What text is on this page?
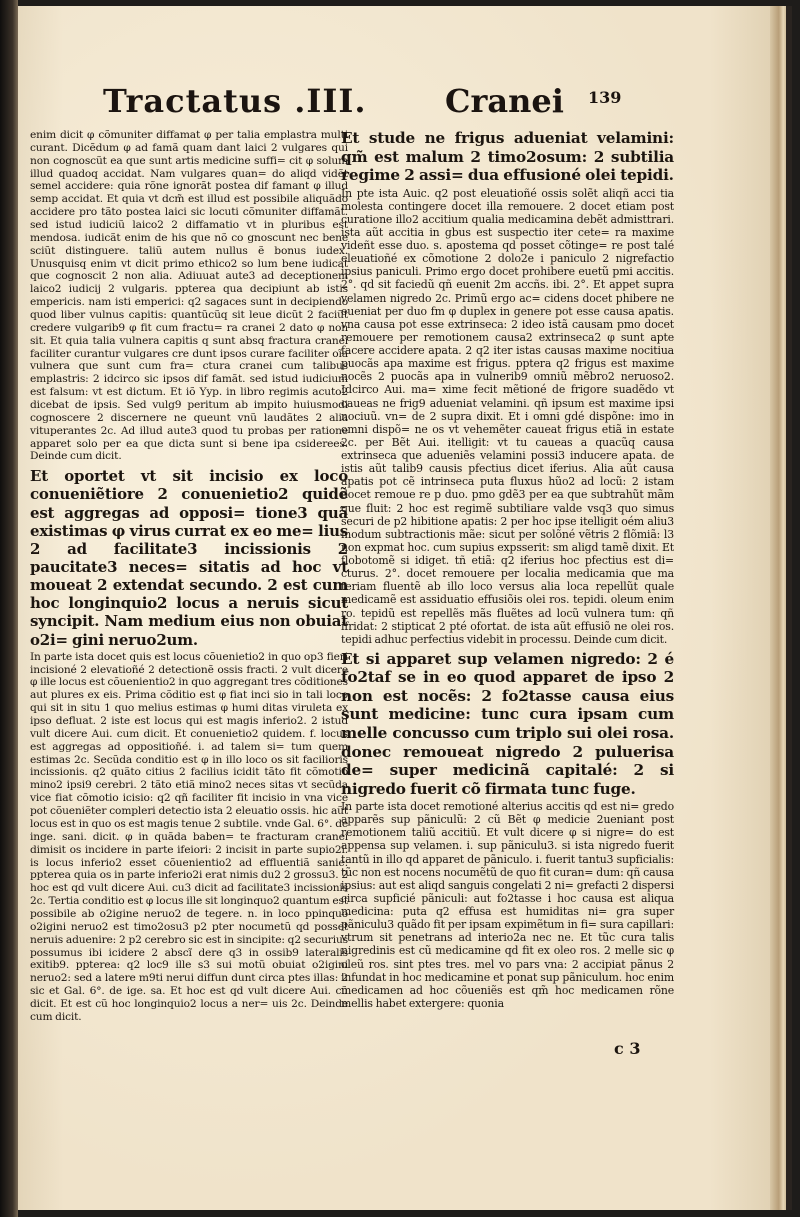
Tractatus .III. Cranei 139

enim dicit φ cõmuniter diffamat φ per talia emplastra multi curant. Dicẽdum φ ad famã quam dant laici 2 vulgares qui non cognoscũt ea que sunt artis medicine suffi= cit φ solum illud quadoq accidat. Nam vulgares quan= do aliqd vidẽt semel accidere: quia rõne ignorãt postea dif famant φ illud semp accidat. Et quia vt dcm̃ est illud est possibile aliquãdo accidere pro tãto postea laici sic locuti cõmuniter diffamãt. sed istud iudiciũ laico2 2 diffamatio vt in pluribus est mendosa. iudicãt enim de his que nõ co gnoscunt nec bene sciũt distinguere. taliũ autem nullus ẽ bonus iudex. Unusquisq enim vt dicit primo ethico2 so lum bene iudicat que cognoscit 2 non alia. Adiuuat aute3 ad deceptionem laico2 iudicij 2 vulgaris. ppterea qua decipiunt ab istis empericis. nam isti emperici: q2 sagaces sunt in decipiendo quod liber vulnus capitis: quantũcũq sit leue dicũt 2 faciũt credere vulgarib9 φ fit cum fractu= ra cranei 2 dato φ non sit. Et quia talia vulnera capitis q sunt absq fractura cranei faciliter curantur vulgares cre dunt ipsos curare faciliter oĩa vulnera que sunt cum fra= ctura cranei cum talibus emplastris: 2 idcirco sic ipsos dif famãt. sed istud iudicium est falsum: vt est dictum. Et iõ Yyp. in libro regimis acuto2 dicebat de ipsis. Sed vulg9 peritum ab impito huiusmodi cognoscere 2 discernere ne queunt vnũ laudãtes 2 alia vituperantes 2c. Ad illud aute3 quod tu probas per ratione apparet solo per ea que dicta sunt si bene ipa csiderees. Deinde cum dicit.

Et oportet vt sit incisio ex loco conueniẽtiore 2 conuenietio2 quidẽ est aggregas ad opposi= tione3 quã existimas φ virus currat ex eo me= lius 2 ad facilitate3 incissionis 2 paucitate3 neces= sitatis ad hoc vt moueat 2 extendat secundo. 2 est cum hoc longinquio2 locus a neruis sicut syncipit. Nam medium eius non obuiat o2i= gini neruo2um.

In parte ista docet quis est locus cõuenietio2 in quo op3 fieri incisioné 2 elevatioñé 2 detectionẽ ossis fracti. 2 vult dicere φ ille locus est cõuenientio2 in quo aggregant tres cõditiones aut plures ex eis. Prima cõditio est φ fiat inci sio in tali loco qui sit in situ 1 quo melius estimas φ humi ditas viruleta ex ipso defluat. 2 iste est locus qui est magis inferio2. 2 istud vult dicere Aui. cum dicit. Et conuenietio2 quidem. f. locus est aggregas ad oppositioñé. i. ad talem si= tum quem estimas 2c. Secũda conditio est φ in illo loco os sit facilioris incissionis. q2 quãto citius 2 facilius icidit tãto fit cõmotio mino2 ipsi9 cerebri. 2 tãto etiã mino2 neces sitas vt secũda vice fiat cõmotio icisio: q2 qñ faciliter fit incisio in vna vice pot cõueniẽter compleri detectio ista 2 eleuatio ossis. hic aũt locus est in quo os est magis tenue 2 subtile. vnde Gal. 6°. de inge. sani. dicit. φ in quãda baben= te fracturam cranei dimisit os incidere in parte ifeiori: 2 incisit in parte supio2i. is locus inferio2 esset cõuenientio2 ad effluentiã sanie: ppterea quia os in parte inferio2i erat nimis du2 2 grossu3. 2 hoc est qd vult dicere Aui. cu3 dicit ad facilitate3 incissionis 2c. Tertia conditio est φ locus ille sit longinquo2 quantum est possibile ab o2igine neruo2 de tegere. n. in loco ppinquo o2igini neruo2 est timo2osu3 p2 pter nocumetũ qd posset neruis aduenire: 2 p2 cerebro sic est in sincipite: q2 securius possumus ibi icidere 2 abscĩ dere q3 in ossib9 lateralis exitib9. ppterea: q2 loc9 ille s3 sui motũ obuiat o2igini neruo2: sed a latere m9ti nerui diffun dunt circa ptes illas: 2 sic et Gal. 6°. de ige. sa. Et hoc est qd vult dicere Aui. cũ dicit. Et est cũ hoc longinquio2 locus a ner= uis 2c. Deinde cum dicit.

Et stude ne frigus adueniat velamini: qm̃ est malum 2 timo2osum: 2 subtilia regime 2 assi= dua effusioné olei tepidi.

In pte ista Auic. q2 post eleuatioñé ossis solẽt aliqñ acci tia molesta contingere docet illa remouere. 2 docet etiam post curatione illo2 accitium qualia medicamina debẽt admisttrari. ista aũt accitia in gbus est suspectio iter cete= ra maxime videñt esse duo. s. apostema qd posset cõtinge= re post talé eleuatioñé ex cõmotione 2 dolo2e i paniculo 2 nigrefactio ipsius paniculi. Primo ergo docet prohibere euetũ pmi accitis. 2°. qd sit faciedũ qñ euenit 2m accñs. ibi. 2°. Et appet supra velamen nigredo 2c. Primũ ergo ac= cidens docet phibere ne eueniat per duo fm φ duplex in genere pot esse causa apatis. vna causa pot esse extrinseca: 2 ideo istã causam pmo docet remouere per remotionem causa2 extrinseca2 φ sunt apte facere accidere apata. 2 q2 iter istas causas maxime nocitiua puocãs apa maxime est frigus. pptera q2 frigus est maxime nocẽs 2 puocãs apa in vulnerib9 omniũ mẽbro2 neruoso2. Idcirco Aui. ma= xime fecit mẽtioné de frigore suadẽdo vt caueas ne frig9 adueniat velamini. qñ ipsum est maxime ipsi nociuũ. vn= de 2 supra dixit. Et i omni gdé dispõne: imo in omni dispõ= ne os vt vehemẽter caueat frigus etiã in estate 2c. per Bẽt Aui. itelligit: vt tu caueas a quacũq causa extrinseca que adueniẽs velamini possi3 inducere apata. de istis aũt talib9 causis pfectius dicet iferius. Alia aũt causa apatis pot cẽ intrinseca puta fluxus hũo2 ad locũ: 2 istam docet remoue re p duo. pmo gdẽ3 per ea que subtrahũt mãm que fluit: 2 hoc est regimẽ subtiliare valde vsq3 quo simus securi de p2 hibitione apatis: 2 per hoc ipse itelligit oém aliu3 modum subtractionis mãe: sicut per solõné vẽtris 2 flõmiã: l3 non expmat hoc. cum supius expsserit: sm aligd tamẽ dixit. Et flobotomẽ si idiget. tñ etiã: q2 iferius hoc pfectius est di= cturus. 2°. docet remouere per localia medicamia que ma teriam fluentẽ ab illo loco versus alia loca repellũt quale medicamẽ est assiduatio effusiõis olei ros. tepidi. oleum enim ro. tepidũ est repellẽs mãs fluẽtes ad locũ vulnera tum: qñ ifridat: 2 stipticat 2 pté ofortat. de ista aũt effusiõ ne olei ros. tepidi adhuc perfectius videbit in processu. Deinde cum dicit.

Et si apparet sup velamen nigredo: 2 é fo2taf se in eo quod apparet de ipso 2 non est nocẽs: 2 fo2tasse causa eius sunt medicine: tunc cura ipsam cum melle concusso cum triplo sui olei rosa. donec remoueat nigredo 2 puluerisa de= super medicinã capitalé: 2 si nigredo fuerit cõ firmata tunc fuge.

In parte ista docet remotioné alterius accitis qd est ni= gredo apparẽs sup pãniculũ: 2 cũ Bẽt φ medicie 2ueniant post remotionem taliũ accitiũ. Et vult dicere φ si nigre= do est appensa sup velamen. i. sup pãniculu3. si ista nigredo fuerit tantũ in illo qd apparet de pãniculo. i. fuerit tantu3 supficialis: tũc non est nocens nocumẽtũ de quo fit curan= dum: qñ causa ipsius: aut est aliqd sanguis congelati 2 ni= grefacti 2 dispersi circa supficié pãniculi: aut fo2tasse i hoc causa est aliqua medicina: puta q2 effusa est humiditas ni= gra super pãniculu3 quãdo fit per ipsam expimẽtum in fi= sura capillari: vtrum sit penetrans ad interio2a nec ne. Et tũc cura talis nigredinis est cũ medicamine qd fit ex oleo ros. 2 melle sic φ oleũ ros. sint ptes tres. mel vo pars vna: 2 accipiat pãnus 2 infundat in hoc medicamine et ponat sup pãniculum. hoc enim medicamen ad hoc cõueniẽs est qm̃ hoc medicamen rõne mellis habet extergere: quonia

c 3
